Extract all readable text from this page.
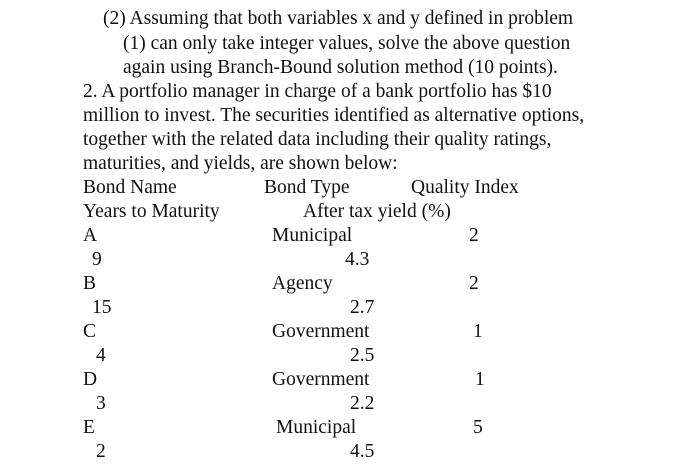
(2) Assuming that both variables x and y defined in problem
(1) can only take integer values, solve the above question
again using Branch-Bound solution method (10 points).
2. A portfolio manager in charge of a bank portfolio has $10
million to invest. The securities identified as alternative options,
together with the related data including their quality ratings,
maturities, and yields, are shown below:
Bond Name	Bond Type	Quality Index
Years to Maturity	After tax yield (%)
A	Municipal	2
9	4.3
B	Agency	2
15	2.7
C	Government	1
4	2.5
D	Government	1
3	2.2
E	Municipal	5
2	4.5
